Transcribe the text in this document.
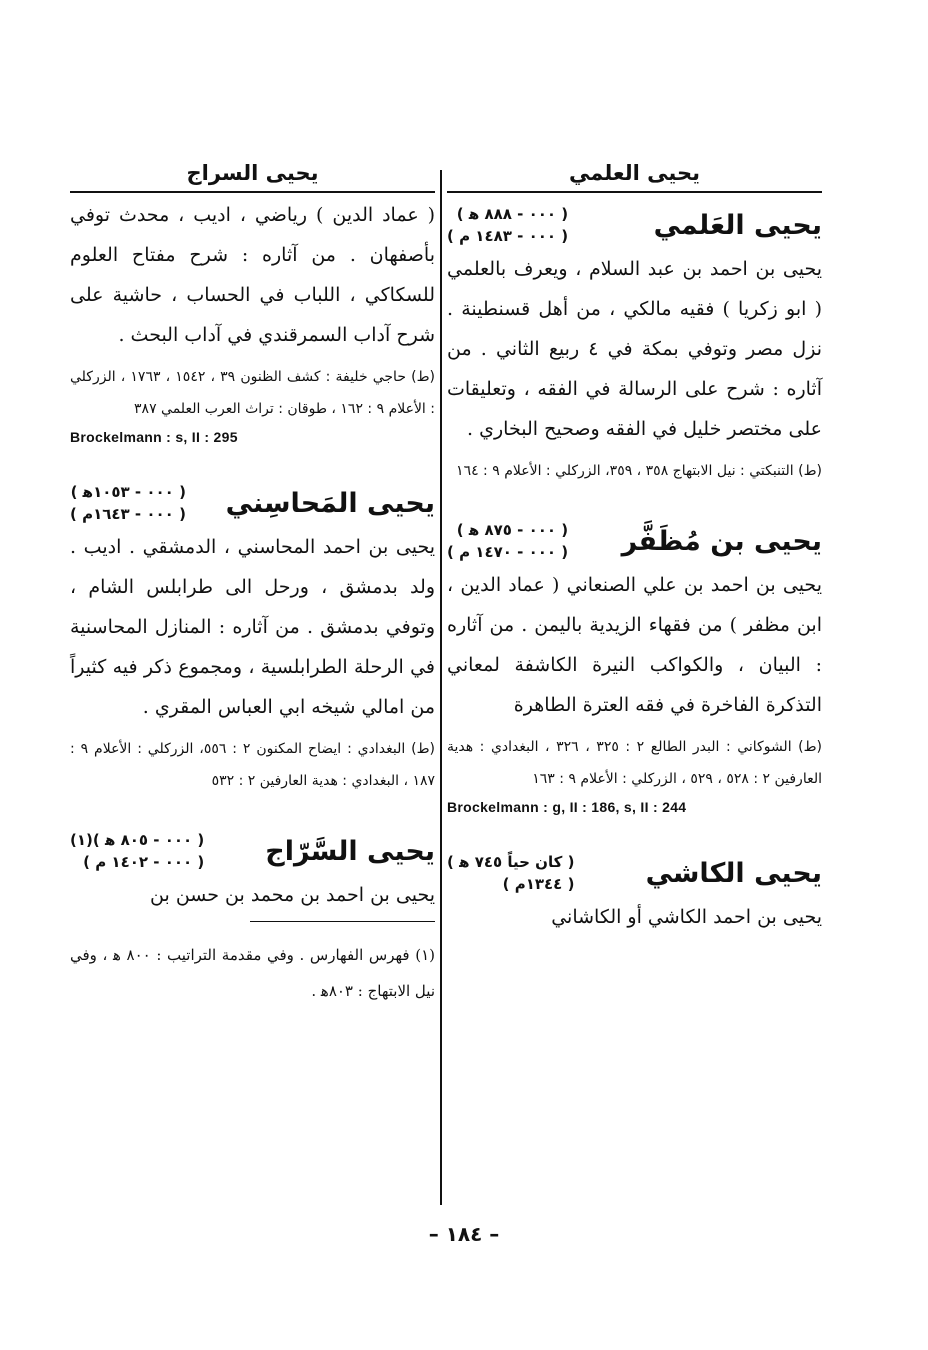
يحيى العلمي
يحيى العَلمي
( ٠٠٠ - ٨٨٨ ﻫ )
( ٠٠٠ - ١٤٨٣ م )

يحيى بن احمد بن عبد السلام ، ويعرف بالعلمي ( ابو زكريا ) فقيه مالكي ، من أهل قسنطينة . نزل مصر وتوفي بمكة في ٤ ربيع الثاني . من آثاره : شرح على الرسالة في الفقه ، وتعليقات على مختصر خليل في الفقه وصحيح البخاري .

(ط) التنبكتي : نيل الابتهاج ٣٥٨ ، ٣٥٩، الزركلي : الأعلام ٩ : ١٦٤

يحيى بن مُظَفَّر
( ٠٠٠ - ٨٧٥ ﻫ )
( ٠٠٠ - ١٤٧٠ م )

يحيى بن احمد بن علي الصنعاني ( عماد الدين ، ابن مظفر ) من فقهاء الزيدية باليمن . من آثاره : البيان ، والكواكب النيرة الكاشفة لمعاني التذكرة الفاخرة في فقه العترة الطاهرة

(ط) الشوكاني : البدر الطالع ٢ : ٣٢٥ ، ٣٢٦ ، البغدادي : هدية العارفين ٢ : ٥٢٨ ، ٥٢٩ ، الزركلي : الأعلام ٩ : ١٦٣

Brockelmann : g, II : 186, s, II : 244

يحيى الكاشي
( كان حياً ٧٤٥ ﻫ )
( ١٣٤٤م )

يحيى بن احمد الكاشي أو الكاشاني

يحيى السراج

( عماد الدين ) رياضي ، اديب ، محدث توفي بأصفهان . من آثاره : شرح مفتاح العلوم للسكاكي ، اللباب في الحساب ، حاشية على شرح آداب السمرقندي في آداب البحث .

(ط) حاجي خليفة : كشف الظنون ٣٩ ، ١٥٤٢ ، ١٧٦٣ ، الزركلي : الأعلام ٩ : ١٦٢ ، طوقان : تراث العرب العلمي ٣٨٧

Brockelmann : s, II : 295

يحيى المَحاسِني
( ٠٠٠ - ١٠٥٣ﻫ )
( ٠٠٠ - ١٦٤٣م )

يحيى بن احمد المحاسني ، الدمشقي . اديب . ولد بدمشق ، ورحل الى طرابلس الشام ، وتوفي بدمشق . من آثاره : المنازل المحاسنية في الرحلة الطرابلسية ، ومجموع ذكر فيه كثيراً من امالي شيخه ابي العباس المقري .

(ط) البغدادي : ايضاح المكنون ٢ : ٥٥٦، الزركلي : الأعلام ٩ : ١٨٧ ، البغدادي : هدية العارفين ٢ : ٥٣٢

يحيى السَّرّاج
( ٠٠٠ - ٨٠٥ ﻫ )(١)
( ٠٠٠ - ١٤٠٢ م )

يحيى بن احمد بن محمد بن حسن بن

(١) فهرس الفهارس . وفي مقدمة التراتيب : ٨٠٠ ﻫ ، وفي نيل الابتهاج : ٨٠٣ﻫ .

– ١٨٤ –
